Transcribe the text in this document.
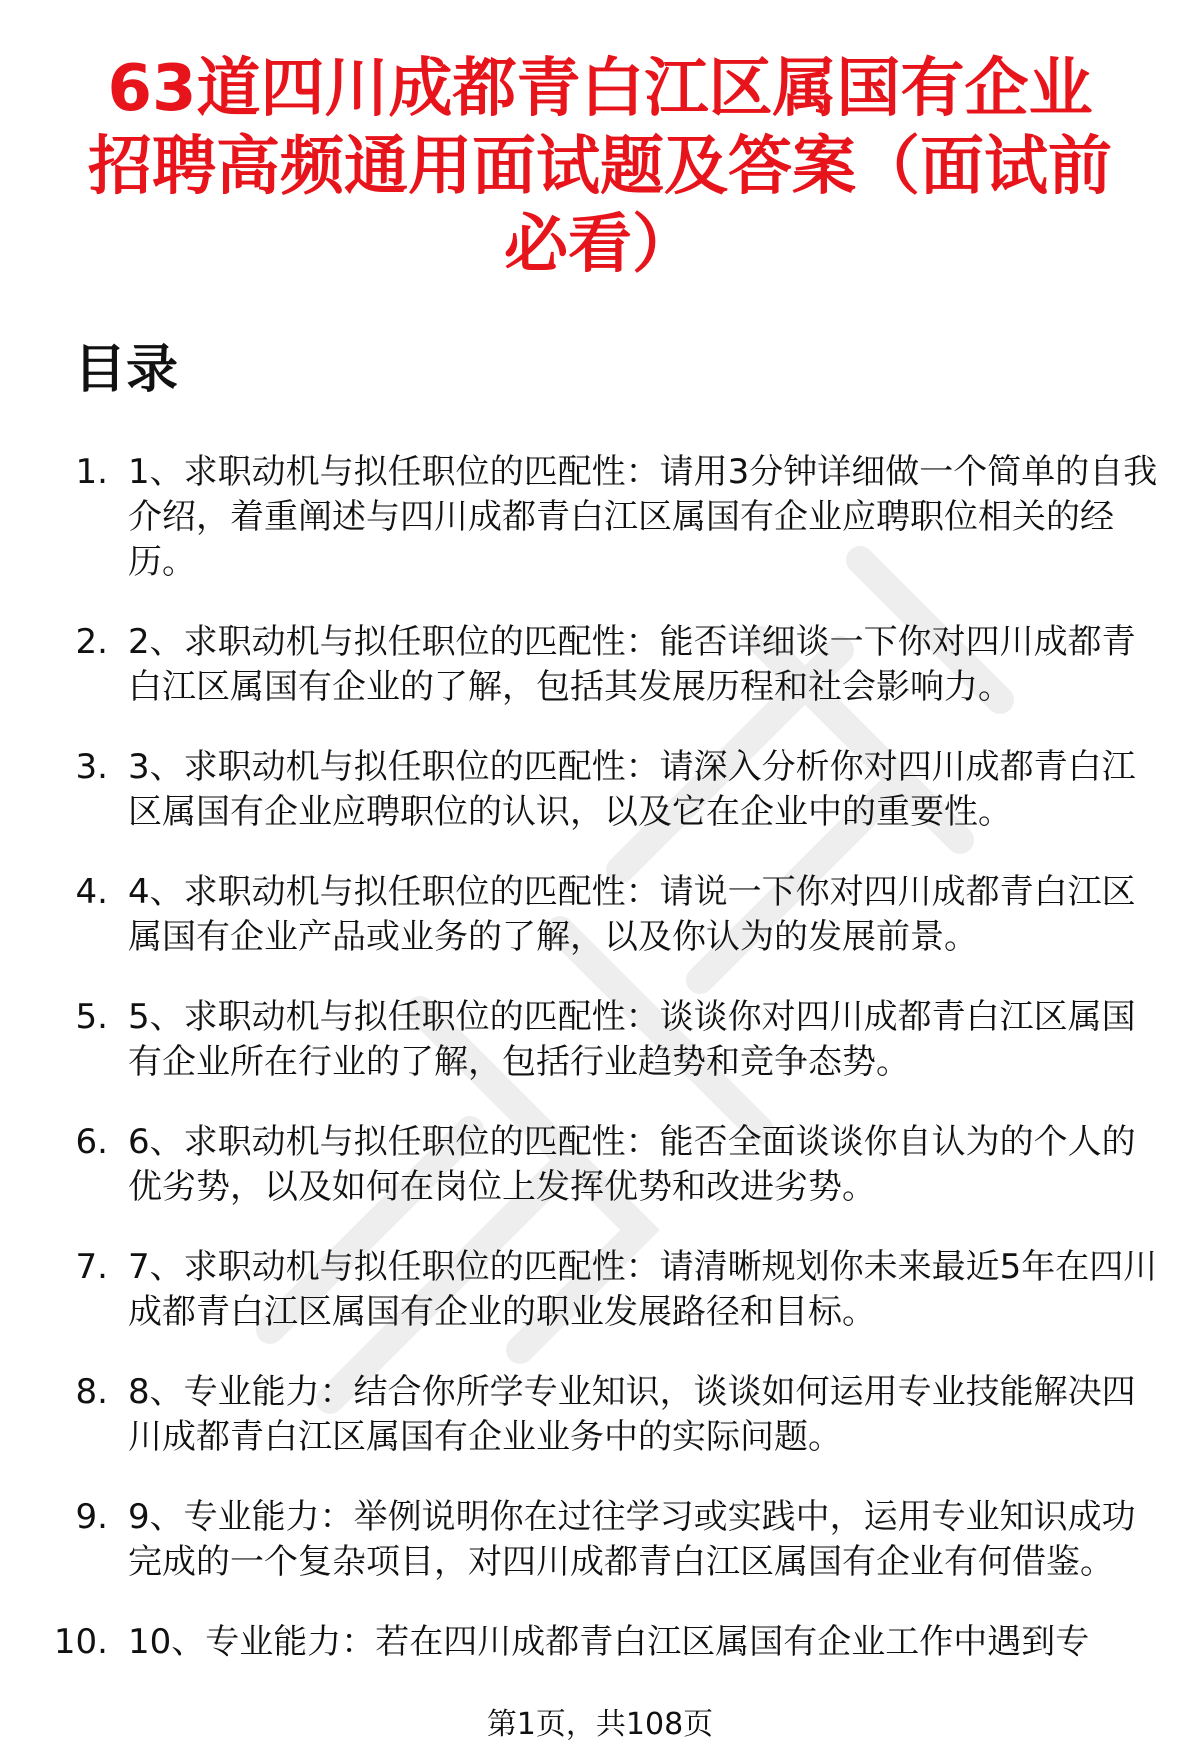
63道四川成都青白江区属国有企业招聘高频通用面试题及答案（面试前必看）
目录
1. 1、求职动机与拟任职位的匹配性：请用3分钟详细做一个简单的自我介绍，着重阐述与四川成都青白江区属国有企业应聘职位相关的经历。
2. 2、求职动机与拟任职位的匹配性：能否详细谈一下你对四川成都青白江区属国有企业的了解，包括其发展历程和社会影响力。
3. 3、求职动机与拟任职位的匹配性：请深入分析你对四川成都青白江区属国有企业应聘职位的认识，以及它在企业中的重要性。
4. 4、求职动机与拟任职位的匹配性：请说一下你对四川成都青白江区属国有企业产品或业务的了解，以及你认为的发展前景。
5. 5、求职动机与拟任职位的匹配性：谈谈你对四川成都青白江区属国有企业所在行业的了解，包括行业趋势和竞争态势。
6. 6、求职动机与拟任职位的匹配性：能否全面谈谈你自认为的个人的优劣势，以及如何在岗位上发挥优势和改进劣势。
7. 7、求职动机与拟任职位的匹配性：请清晰规划你未来最近5年在四川成都青白江区属国有企业的职业发展路径和目标。
8. 8、专业能力：结合你所学专业知识，谈谈如何运用专业技能解决四川成都青白江区属国有企业业务中的实际问题。
9. 9、专业能力：举例说明你在过往学习或实践中，运用专业知识成功完成的一个复杂项目，对四川成都青白江区属国有企业有何借鉴。
10. 10、专业能力：若在四川成都青白江区属国有企业工作中遇到专
第1页，共108页
